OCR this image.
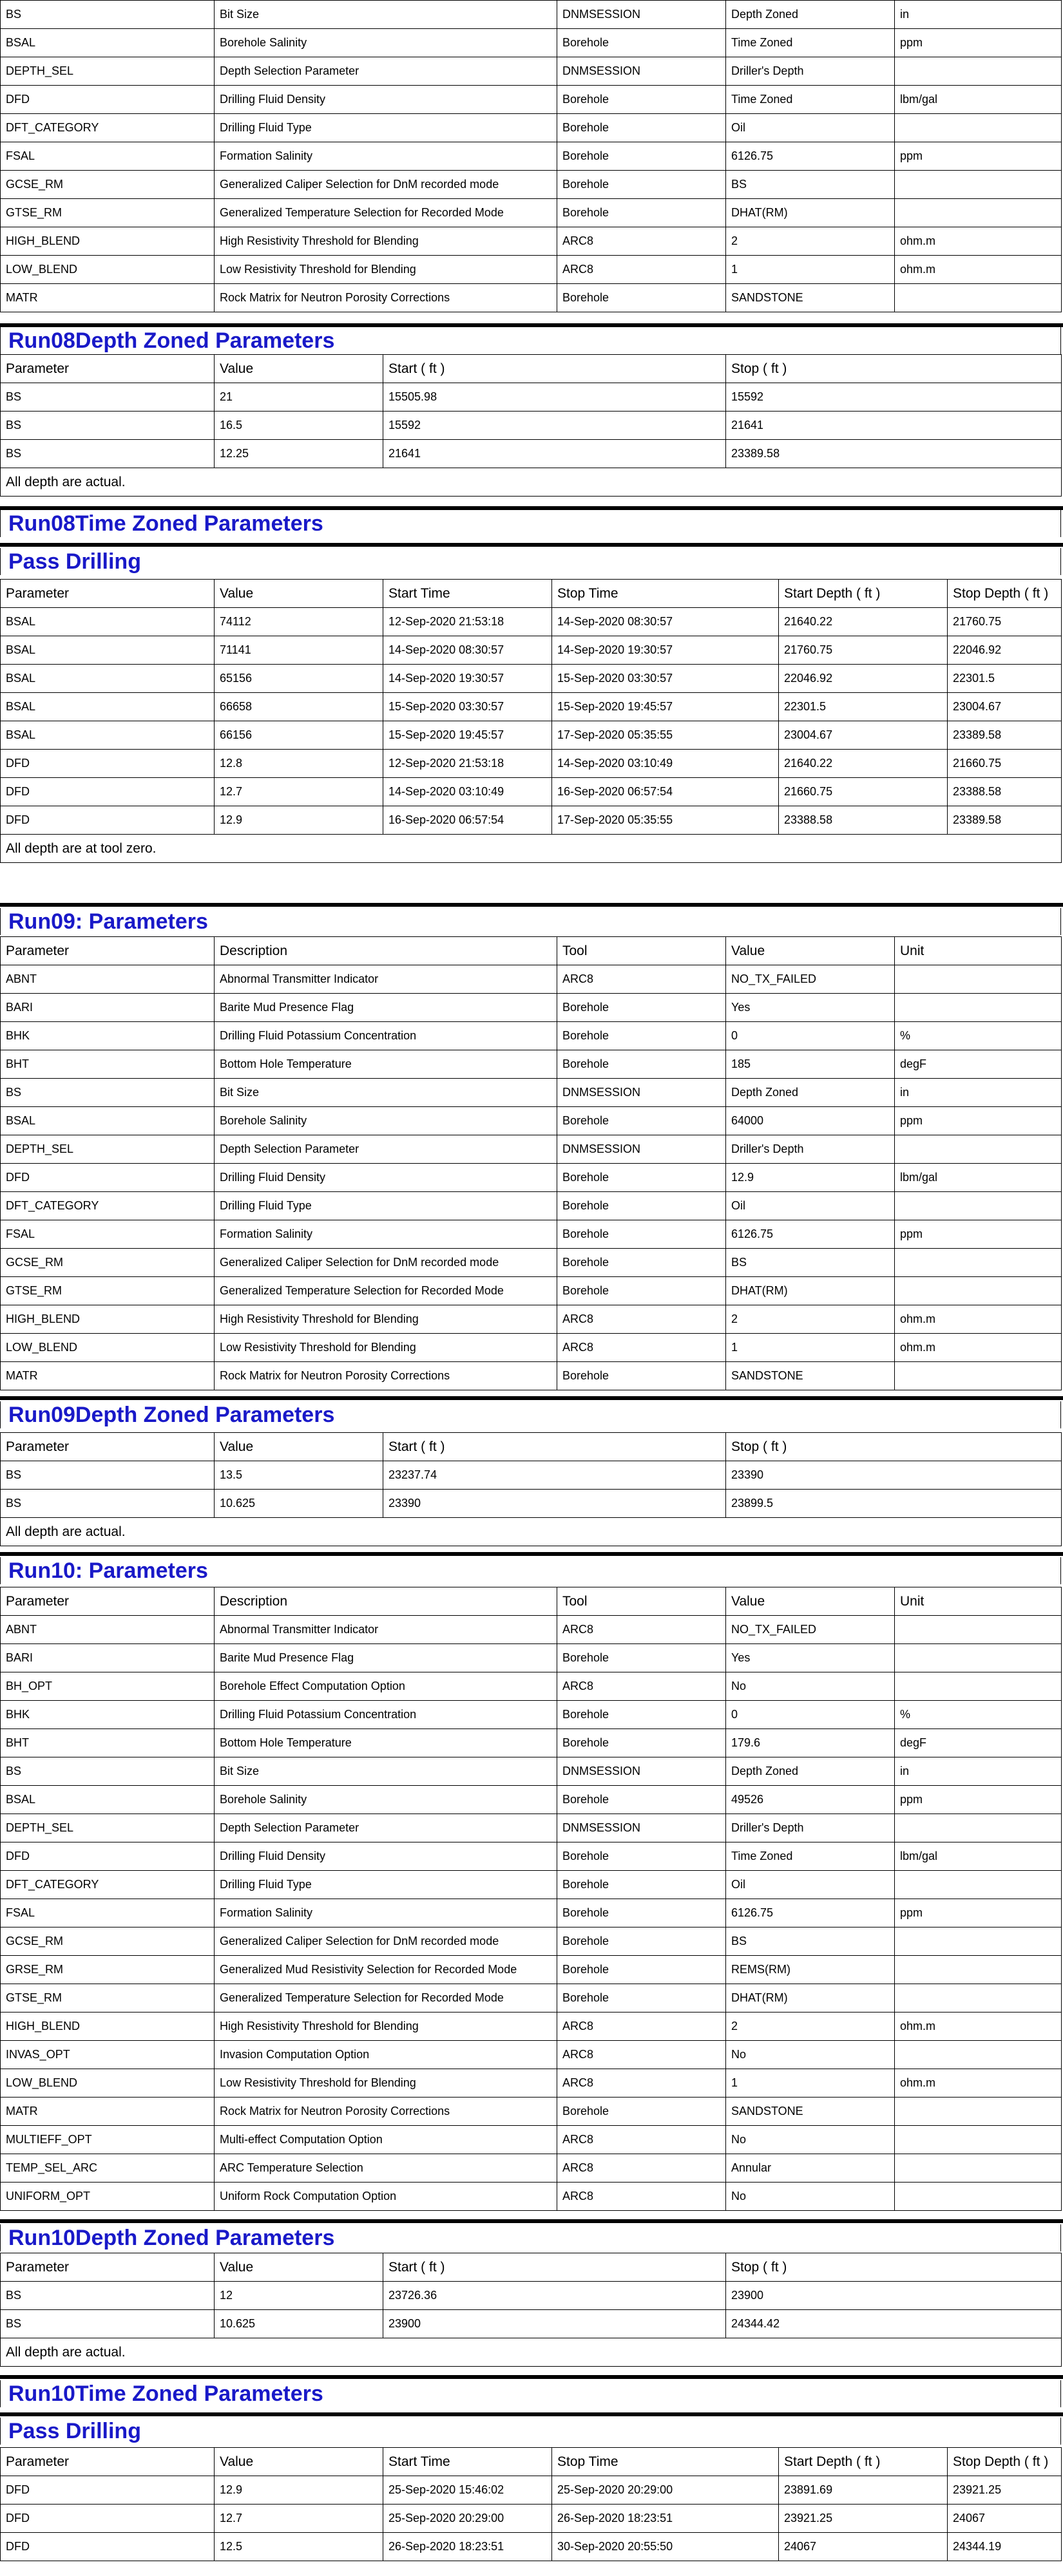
BS	Bit Size	DNMSESSION	Depth Zoned	in
BSAL	Borehole Salinity	Borehole	Time Zoned	ppm
DEPTH_SEL	Depth Selection Parameter	DNMSESSION	Driller's Depth	
DFD	Drilling Fluid Density	Borehole	Time Zoned	lbm/gal
DFT_CATEGORY	Drilling Fluid Type	Borehole	Oil	
FSAL	Formation Salinity	Borehole	6126.75	ppm
GCSE_RM	Generalized Caliper Selection for DnM recorded mode	Borehole	BS	
GTSE_RM	Generalized Temperature Selection for Recorded Mode	Borehole	DHAT(RM)	
HIGH_BLEND	High Resistivity Threshold for Blending	ARC8	2	ohm.m
LOW_BLEND	Low Resistivity Threshold for Blending	ARC8	1	ohm.m
MATR	Rock Matrix for Neutron Porosity Corrections	Borehole	SANDSTONE	
Run08Depth Zoned Parameters
Parameter	Value	Start ( ft )	Stop ( ft )
BS	21	15505.98	15592
BS	16.5	15592	21641
BS	12.25	21641	23389.58
All depth are actual.			
Run08Time Zoned Parameters
Pass Drilling
Parameter	Value	Start Time	Stop Time	Start Depth ( ft )	Stop Depth ( ft )
BSAL	74112	12-Sep-2020 21:53:18	14-Sep-2020 08:30:57	21640.22	21760.75
BSAL	71141	14-Sep-2020 08:30:57	14-Sep-2020 19:30:57	21760.75	22046.92
BSAL	65156	14-Sep-2020 19:30:57	15-Sep-2020 03:30:57	22046.92	22301.5
BSAL	66658	15-Sep-2020 03:30:57	15-Sep-2020 19:45:57	22301.5	23004.67
BSAL	66156	15-Sep-2020 19:45:57	17-Sep-2020 05:35:55	23004.67	23389.58
DFD	12.8	12-Sep-2020 21:53:18	14-Sep-2020 03:10:49	21640.22	21660.75
DFD	12.7	14-Sep-2020 03:10:49	16-Sep-2020 06:57:54	21660.75	23388.58
DFD	12.9	16-Sep-2020 06:57:54	17-Sep-2020 05:35:55	23388.58	23389.58
All depth are at tool zero.					
Run09: Parameters
Parameter	Description	Tool	Value	Unit
ABNT	Abnormal Transmitter Indicator	ARC8	NO_TX_FAILED	
BARI	Barite Mud Presence Flag	Borehole	Yes	
BHK	Drilling Fluid Potassium Concentration	Borehole	0	%
BHT	Bottom Hole Temperature	Borehole	185	degF
BS	Bit Size	DNMSESSION	Depth Zoned	in
BSAL	Borehole Salinity	Borehole	64000	ppm
DEPTH_SEL	Depth Selection Parameter	DNMSESSION	Driller's Depth	
DFD	Drilling Fluid Density	Borehole	12.9	lbm/gal
DFT_CATEGORY	Drilling Fluid Type	Borehole	Oil	
FSAL	Formation Salinity	Borehole	6126.75	ppm
GCSE_RM	Generalized Caliper Selection for DnM recorded mode	Borehole	BS	
GTSE_RM	Generalized Temperature Selection for Recorded Mode	Borehole	DHAT(RM)	
HIGH_BLEND	High Resistivity Threshold for Blending	ARC8	2	ohm.m
LOW_BLEND	Low Resistivity Threshold for Blending	ARC8	1	ohm.m
MATR	Rock Matrix for Neutron Porosity Corrections	Borehole	SANDSTONE	
Run09Depth Zoned Parameters
Parameter	Value	Start ( ft )	Stop ( ft )
BS	13.5	23237.74	23390
BS	10.625	23390	23899.5
All depth are actual.			
Run10: Parameters
Parameter	Description	Tool	Value	Unit
ABNT	Abnormal Transmitter Indicator	ARC8	NO_TX_FAILED	
BARI	Barite Mud Presence Flag	Borehole	Yes	
BH_OPT	Borehole Effect Computation Option	ARC8	No	
BHK	Drilling Fluid Potassium Concentration	Borehole	0	%
BHT	Bottom Hole Temperature	Borehole	179.6	degF
BS	Bit Size	DNMSESSION	Depth Zoned	in
BSAL	Borehole Salinity	Borehole	49526	ppm
DEPTH_SEL	Depth Selection Parameter	DNMSESSION	Driller's Depth	
DFD	Drilling Fluid Density	Borehole	Time Zoned	lbm/gal
DFT_CATEGORY	Drilling Fluid Type	Borehole	Oil	
FSAL	Formation Salinity	Borehole	6126.75	ppm
GCSE_RM	Generalized Caliper Selection for DnM recorded mode	Borehole	BS	
GRSE_RM	Generalized Mud Resistivity Selection for Recorded Mode	Borehole	REMS(RM)	
GTSE_RM	Generalized Temperature Selection for Recorded Mode	Borehole	DHAT(RM)	
HIGH_BLEND	High Resistivity Threshold for Blending	ARC8	2	ohm.m
INVAS_OPT	Invasion Computation Option	ARC8	No	
LOW_BLEND	Low Resistivity Threshold for Blending	ARC8	1	ohm.m
MATR	Rock Matrix for Neutron Porosity Corrections	Borehole	SANDSTONE	
MULTIEFF_OPT	Multi-effect Computation Option	ARC8	No	
TEMP_SEL_ARC	ARC Temperature Selection	ARC8	Annular	
UNIFORM_OPT	Uniform Rock Computation Option	ARC8	No	
Run10Depth Zoned Parameters
Parameter	Value	Start ( ft )	Stop ( ft )
BS	12	23726.36	23900
BS	10.625	23900	24344.42
All depth are actual.			
Run10Time Zoned Parameters
Pass Drilling
Parameter	Value	Start Time	Stop Time	Start Depth ( ft )	Stop Depth ( ft )
DFD	12.9	25-Sep-2020 15:46:02	25-Sep-2020 20:29:00	23891.69	23921.25
DFD	12.7	25-Sep-2020 20:29:00	26-Sep-2020 18:23:51	23921.25	24067
DFD	12.5	26-Sep-2020 18:23:51	30-Sep-2020 20:55:50	24067	24344.19
